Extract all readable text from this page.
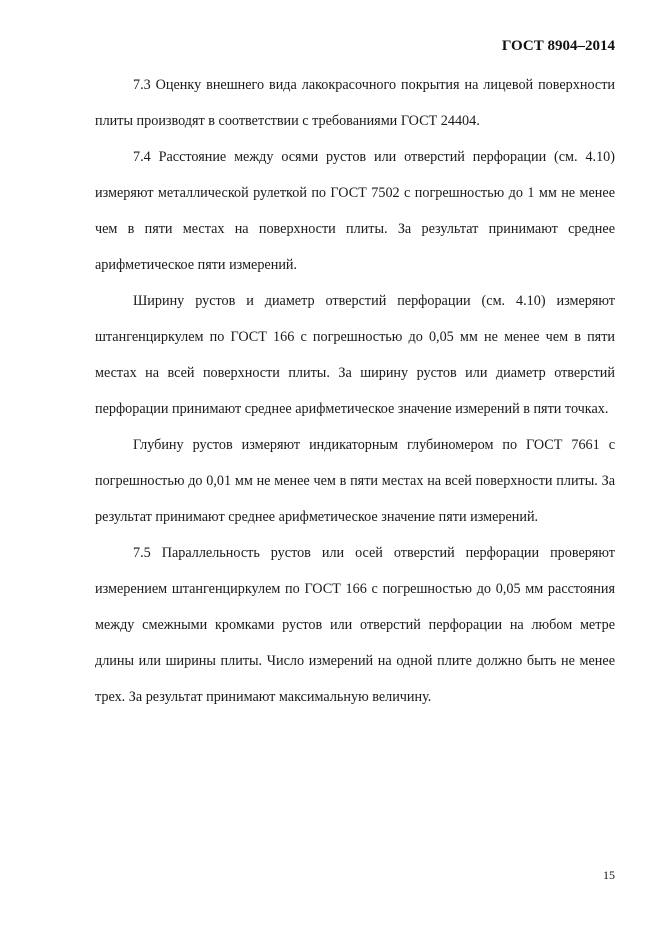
ГОСТ 8904–2014

7.3 Оценку внешнего вида лакокрасочного покрытия на лицевой поверхности плиты производят в соответствии с требованиями ГОСТ 24404.

7.4 Расстояние между осями рустов или отверстий перфорации (см. 4.10) измеряют металлической рулеткой по ГОСТ 7502 с погрешностью до 1 мм не менее чем в пяти местах на поверхности плиты. За результат принимают среднее арифметическое пяти измерений.

Ширину рустов и диаметр отверстий перфорации (см. 4.10) измеряют штангенциркулем по ГОСТ 166 с погрешностью до 0,05 мм не менее чем в пяти местах на всей поверхности плиты. За ширину рустов или диаметр отверстий перфорации принимают среднее арифметическое значение измерений в пяти точках.

Глубину рустов измеряют индикаторным глубиномером по ГОСТ 7661 с погрешностью до 0,01 мм не менее чем в пяти местах на всей поверхности плиты. За результат принимают среднее арифметическое значение пяти измерений.

7.5 Параллельность рустов или осей отверстий перфорации проверяют измерением штангенциркулем по ГОСТ 166 с погрешностью до 0,05 мм расстояния между смежными кромками рустов или отверстий перфорации на любом метре длины или ширины плиты. Число измерений на одной плите должно быть не менее трех. За результат принимают максимальную величину.

15
